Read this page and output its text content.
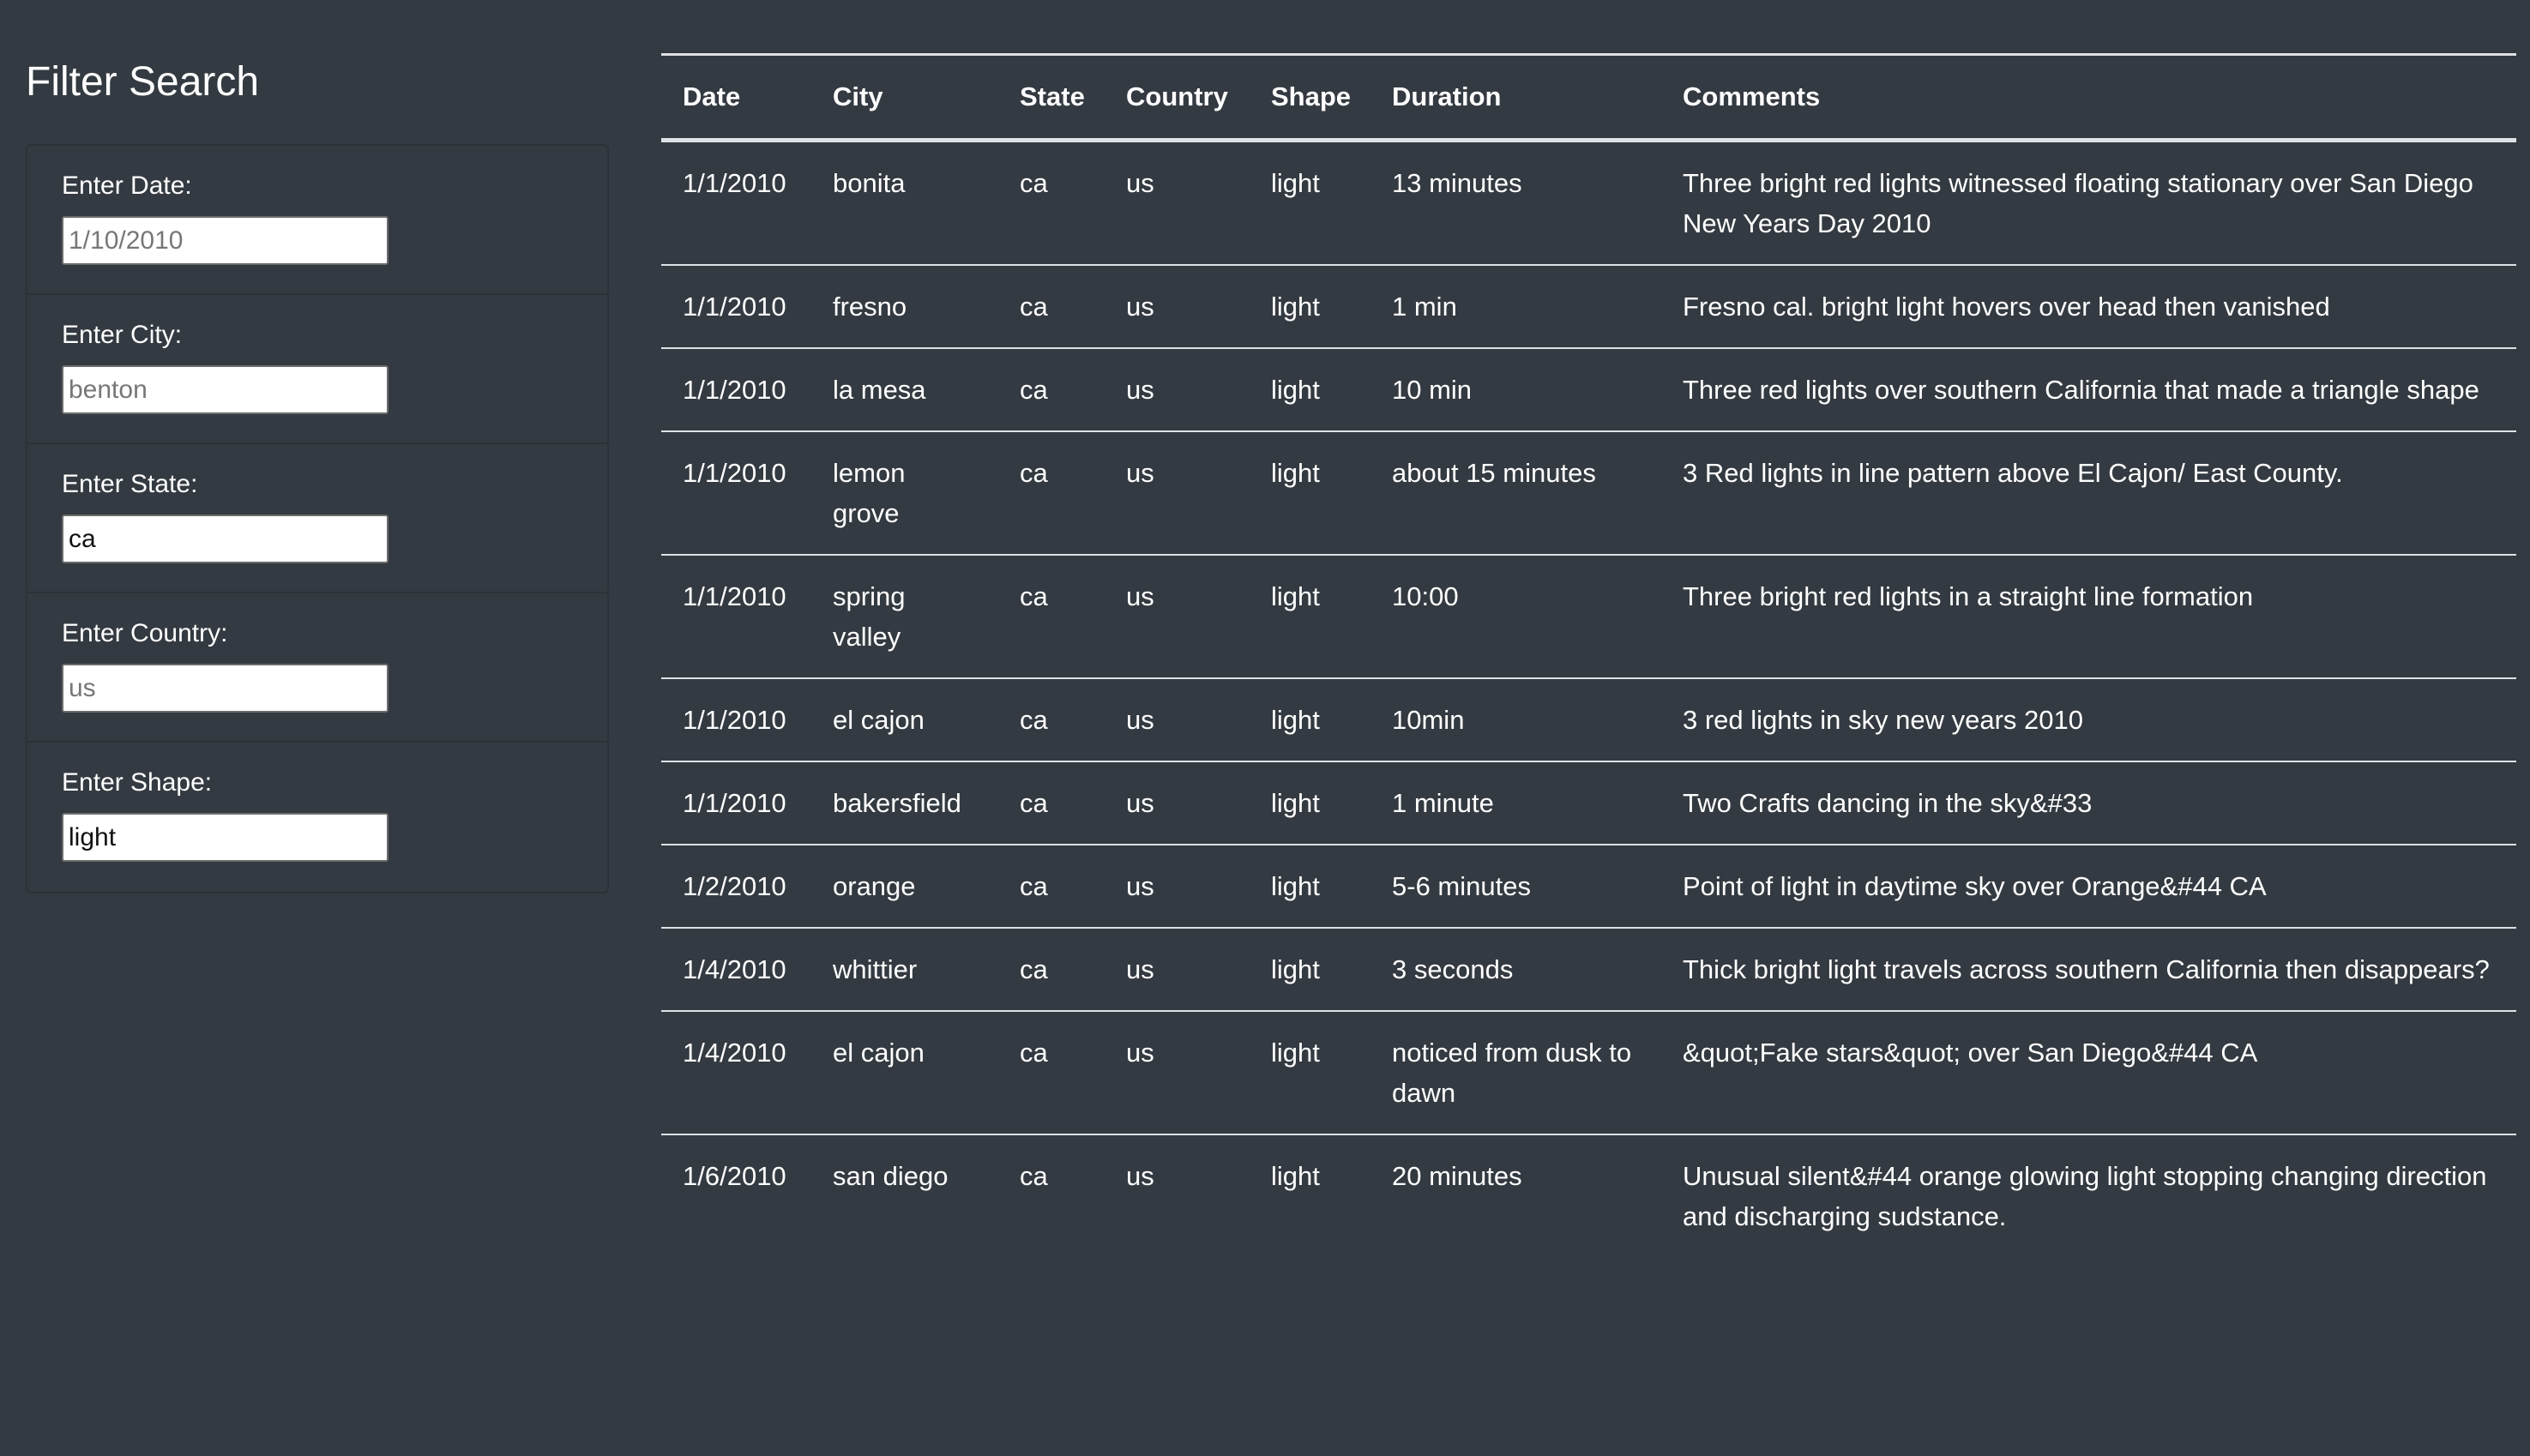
Filter Search
Enter Date:
1/10/2010
Enter City:
benton
Enter State:
ca
Enter Country:
us
Enter Shape:
light
Date	City	State	Country	Shape	Duration	Comments
1/1/2010	bonita	ca	us	light	13 minutes	Three bright red lights witnessed floating stationary over San Diego New Years Day 2010
1/1/2010	fresno	ca	us	light	1 min	Fresno cal. bright light hovers over head then vanished
1/1/2010	la mesa	ca	us	light	10 min	Three red lights over southern California that made a triangle shape
1/1/2010	lemon grove	ca	us	light	about 15 minutes	3 Red lights in line pattern above El Cajon/ East County.
1/1/2010	spring valley	ca	us	light	10:00	Three bright red lights in a straight line formation
1/1/2010	el cajon	ca	us	light	10min	3 red lights in sky new years 2010
1/1/2010	bakersfield	ca	us	light	1 minute	Two Crafts dancing in the sky&#33
1/2/2010	orange	ca	us	light	5-6 minutes	Point of light in daytime sky over Orange&#44 CA
1/4/2010	whittier	ca	us	light	3 seconds	Thick bright light travels across southern California then disappears?
1/4/2010	el cajon	ca	us	light	noticed from dusk to dawn	&quot;Fake stars&quot; over San Diego&#44 CA
1/6/2010	san diego	ca	us	light	20 minutes	Unusual silent&#44 orange glowing light stopping changing direction and discharging sudstance.
